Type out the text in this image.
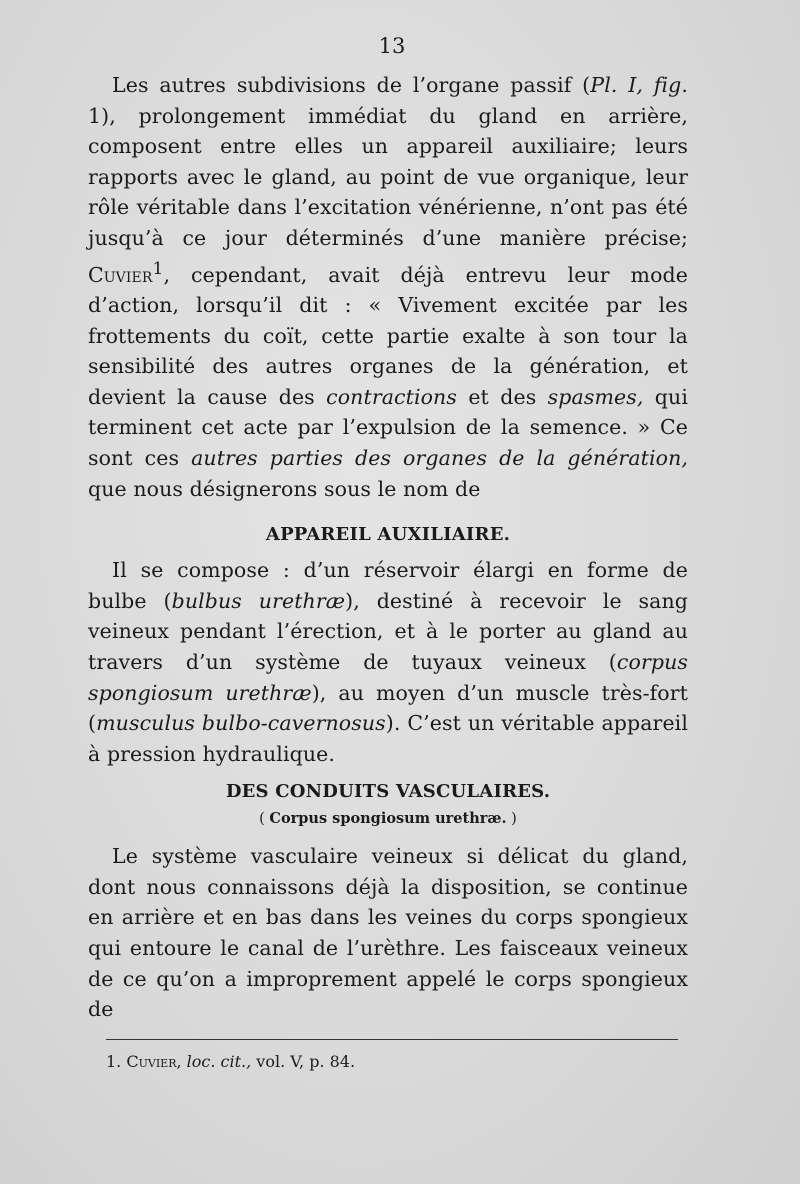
13

Les autres subdivisions de l’organe passif (Pl. I, fig. 1), prolongement immédiat du gland en arrière, composent entre elles un appareil auxiliaire; leurs rapports avec le gland, au point de vue organique, leur rôle véritable dans l’excitation vénérienne, n’ont pas été jusqu’à ce jour déterminés d’une manière précise; Cuvier$^1$, cependant, avait déjà entrevu leur mode d’action, lorsqu’il dit : « Vivement excitée par les frottements du coït, cette partie exalte à son tour la sensibilité des autres organes de la génération, et devient la cause des contractions et des spasmes, qui terminent cet acte par l’expulsion de la semence. » Ce sont ces autres parties des organes de la génération, que nous désignerons sous le nom de

APPAREIL AUXILIAIRE.

Il se compose : d’un réservoir élargi en forme de bulbe (bulbus urethræ), destiné à recevoir le sang veineux pendant l’érection, et à le porter au gland au travers d’un système de tuyaux veineux (corpus spongiosum urethræ), au moyen d’un muscle très-fort (musculus bulbo-cavernosus). C’est un véritable appareil à pression hydraulique.

DES CONDUITS VASCULAIRES.
( Corpus spongiosum urethræ. )

Le système vasculaire veineux si délicat du gland, dont nous connaissons déjà la disposition, se continue en arrière et en bas dans les veines du corps spongieux qui entoure le canal de l’urèthre. Les faisceaux veineux de ce qu’on a improprement appelé le corps spongieux de

1. Cuvier, loc. cit., vol. V, p. 84.
